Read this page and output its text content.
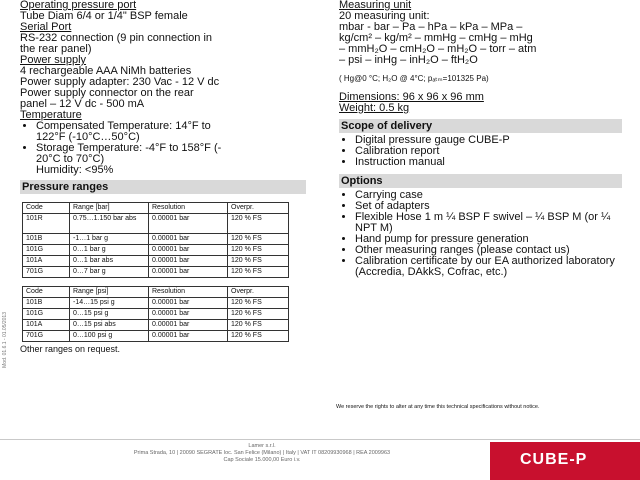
Operating pressure port

Tube Diam 6/4 or 1/4" BSP female

Serial Port

RS-232 connection (9 pin connection in

the rear panel)

Power supply

4 rechargeable AAA NiMh batteries

Power supply adapter: 230 Vac - 12 V dc

Power supply connector on the rear

panel – 12 V dc - 500 mA

Temperature

• Compensated Temperature: 14°F to
122°F (-10°C…50°C)
• Storage Temperature: -4°F to 158°F (-
20°C to 70°C)
Humidity: <95%
Pressure ranges
Code	Range [bar]	Resolution	Overpr.
101R	0.75…1.150 bar abs	0.00001 bar	120 % FS
101B	-1…1 bar g	0.00001 bar	120 % FS
101G	0…1 bar g	0.00001 bar	120 % FS
101A	0…1 bar abs	0.00001 bar	120 % FS
701G	0…7 bar g	0.00001 bar	120 % FS
Code	Range [psi]	Resolution	Overpr.
101B	-14…15 psi g	0.00001 bar	120 % FS
101G	0…15 psi g	0.00001 bar	120 % FS
101A	0…15 psi abs	0.00001 bar	120 % FS
701G	0…100 psi g	0.00001 bar	120 % FS

Other ranges on request.

Measuring unit

20 measuring unit:

mbar - bar – Pa – hPa – kPa – MPa –

kg/cm² – kg/m² – mmHg – cmHg – mHg

– mmH₂O – cmH₂O – mH₂O – torr – atm

– psi – inHg – inH₂O – ftH₂O

( Hg@0 °C; H₂O @ 4°C; pₐₜₘ=101325 Pa)

Dimensions: 96 x 96 x 96 mm

Weight: 0.5 kg

Scope of delivery
• Digital pressure gauge CUBE-P
• Calibration report
• Instruction manual
Options
• Carrying case
• Set of adapters
• Flexible Hose 1 m ¼ BSP F swivel – ¼ BSP M (or ¼ NPT M)
• Hand pump for pressure generation
• Other measuring ranges (please contact us)
• Calibration certificate by our EA authorized laboratory (Accredia, DAkkS, Cofrac, etc.)
Mod. 01.6.1 - 01.05/2013
We reserve the rights to alter at any time this technical specifications without notice.
Lamer s.r.l.
Prima Strada, 10 | 20090 SEGRATE loc. San Felice (Milano) | Italy | VAT IT 08209930968 | REA 2009963
Cap Sociale 15.000,00 Euro i.v.	CUBE-P
